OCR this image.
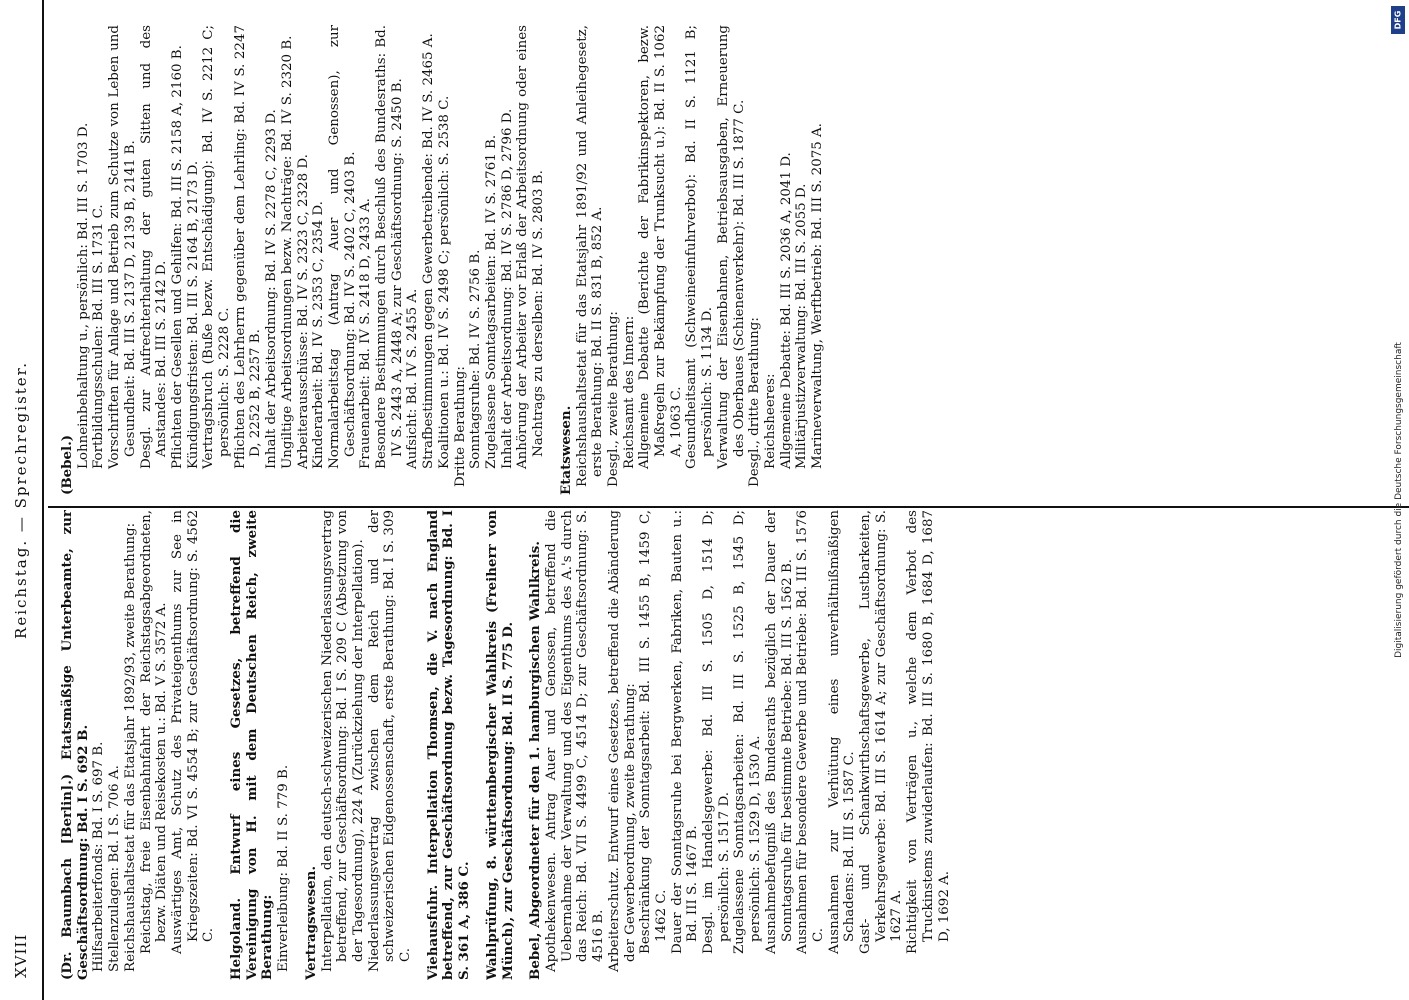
XVIII
Reichstag. — Sprechregister.

(Dr. Baumbach [Berlin].) Etatsmäßige Unterbeamte, zur Geschäftsordnung: Bd. I S. 692 B. Hilfsarbeiterfonds: Bd. I S. 697 B. Stellenzulagen: Bd. I S. 706 A. Reichshaushaltsetat für das Etatsjahr 1892/93, zweite Berathung: Reichstag, freie Eisenbahnfahrt der Reichstagsabgeordneten, bezw. Diäten und Reisekosten u.: Bd. V S. 3572 A. Auswärtiges Amt, Schutz des Privateigenthums zur See in Kriegszeiten: Bd. VI S. 4554 B; zur Geschäftsordnung: S. 4562 C. Helgoland. Entwurf eines Gesetzes, betreffend die Vereinigung von H. mit dem Deutschen Reich, zweite Berathung: Einverleibung: Bd. II S. 779 B. Vertragswesen. Interpellation, den deutsch-schweizerischen Niederlassungsvertrag betreffend, zur Geschäftsordnung: Bd. I S. 209 C (Absetzung von der Tagesordnung), 224 A (Zurückziehung der Interpellation). Niederlassungsvertrag zwischen dem Reich und der schweizerischen Eidgenossenschaft, erste Berathung: Bd. I S. 309 C. Viehausfuhr. Interpellation Thomsen, die V. nach England betreffend, zur Geschäftsordnung bezw. Tagesordnung: Bd. I S. 361 A, 386 C. Wahlprüfung, 8. württembergischer Wahlkreis (Freiherr von Münch), zur Geschäftsordnung: Bd. II S. 775 D. Bebel, Abgeordneter für den 1. hamburgischen Wahlkreis. Apothekenwesen. Antrag Auer und Genossen, betreffend die Uebernahme der Verwaltung und des Eigenthums des A.'s durch das Reich: Bd. VII S. 4499 C, 4514 D; zur Geschäftsordnung: S. 4516 B. Arbeiterschutz. Entwurf eines Gesetzes, betreffend die Abänderung der Gewerbeordnung, zweite Berathung: Beschränkung der Sonntagsarbeit: Bd. III S. 1455 B, 1459 C, 1462 C. Dauer der Sonntagsruhe bei Bergwerken, Fabriken, Bauten u.: Bd. III S. 1467 B. Desgl. im Handelsgewerbe: Bd. III S. 1505 D, 1514 D; persönlich: S. 1517 D. Zugelassene Sonntagsarbeiten: Bd. III S. 1525 B, 1545 D; persönlich: S. 1529 D, 1530 A. Ausnahmebefugniß des Bundesraths bezüglich der Dauer der Sonntagsruhe für bestimmte Betriebe: Bd. III S. 1562 B. Ausnahmen für besondere Gewerbe und Betriebe: Bd. III S. 1576 C. Ausnahmen zur Verhütung eines unverhältnißmäßigen Schadens: Bd. III S. 1587 C. Gast- und Schankwirthschaftsgewerbe, Lustbarkeiten, Verkehrsgewerbe: Bd. III S. 1614 A; zur Geschäftsordnung: S. 1627 A. Richtigkeit von Verträgen u., welche dem Verbot des Truckinstems zuwiderlaufen: Bd. III S. 1680 B, 1684 D, 1687 D, 1692 A.

(Bebel.) Lohneinbehaltung u., persönlich: Bd. III S. 1703 D. Fortbildungsschulen: Bd. III S. 1731 C. Vorschriften für Anlage und Betrieb zum Schutze von Leben und Gesundheit: Bd. III S. 2137 D, 2139 B, 2141 B. Desgl. zur Aufrechterhaltung der guten Sitten und des Anstandes: Bd. III S. 2142 D. Pflichten der Gesellen und Gehilfen: Bd. III S. 2158 A, 2160 B. Kündigungsfristen: Bd. III S. 2164 B, 2173 D. Vertragsbruch (Buße bezw. Entschädigung): Bd. IV S. 2212 C; persönlich: S. 2228 C. Pflichten des Lehrherrn gegenüber dem Lehrling: Bd. IV S. 2247 D, 2252 B, 2257 B. Inhalt der Arbeitsordnung: Bd. IV S. 2278 C, 2293 D. Ungiltige Arbeitsordnungen bezw. Nachträge: Bd. IV S. 2320 B. Arbeiterausschüsse: Bd. IV S. 2323 C, 2328 D. Kinderarbeit: Bd. IV S. 2353 C, 2354 D. Normalarbeitstag (Antrag Auer und Genossen), zur Geschäftsordnung: Bd. IV S. 2402 C, 2403 B. Frauenarbeit: Bd. IV S. 2418 D, 2433 A. Besondere Bestimmungen durch Beschluß des Bundesraths: Bd. IV S. 2443 A, 2448 A; zur Geschäftsordnung: S. 2450 B. Aufsicht: Bd. IV S. 2455 A. Strafbestimmungen gegen Gewerbetreibende: Bd. IV S. 2465 A. Koalitionen u.: Bd. IV S. 2498 C; persönlich: S. 2538 C. Dritte Berathung: Sonntagsruhe: Bd. IV S. 2756 B. Zugelassene Sonntagsarbeiten: Bd. IV S. 2761 B. Inhalt der Arbeitsordnung: Bd. IV S. 2786 D, 2796 D. Anhörung der Arbeiter vor Erlaß der Arbeitsordnung oder eines Nachtrags zu derselben: Bd. IV S. 2803 B. Etatswesen. Reichshaushaltsetat für das Etatsjahr 1891/92 und Anleihegesetz, erste Berathung: Bd. II S. 831 B, 852 A. Desgl., zweite Berathung: Reichsamt des Innern: Allgemeine Debatte (Berichte der Fabrikinspektoren, bezw. Maßregeln zur Bekämpfung der Trunksucht u.): Bd. II S. 1062 A, 1063 C. Gesundheitsamt (Schweineeinfuhrverbot): Bd. II S. 1121 B; persönlich: S. 1134 D. Verwaltung der Eisenbahnen, Betriebsausgaben, Erneuerung des Oberbaues (Schienenverkehr): Bd. III S. 1877 C. Desgl., dritte Berathung: Reichsheeres: Allgemeine Debatte: Bd. III S. 2036 A, 2041 D. Militärjustizverwaltung: Bd. III S. 2055 D. Marineverwaltung, Werftbetrieb: Bd. III S. 2075 A.

DFG
Digitalisierung gefördert durch die Deutsche Forschungsgemeinschaft
